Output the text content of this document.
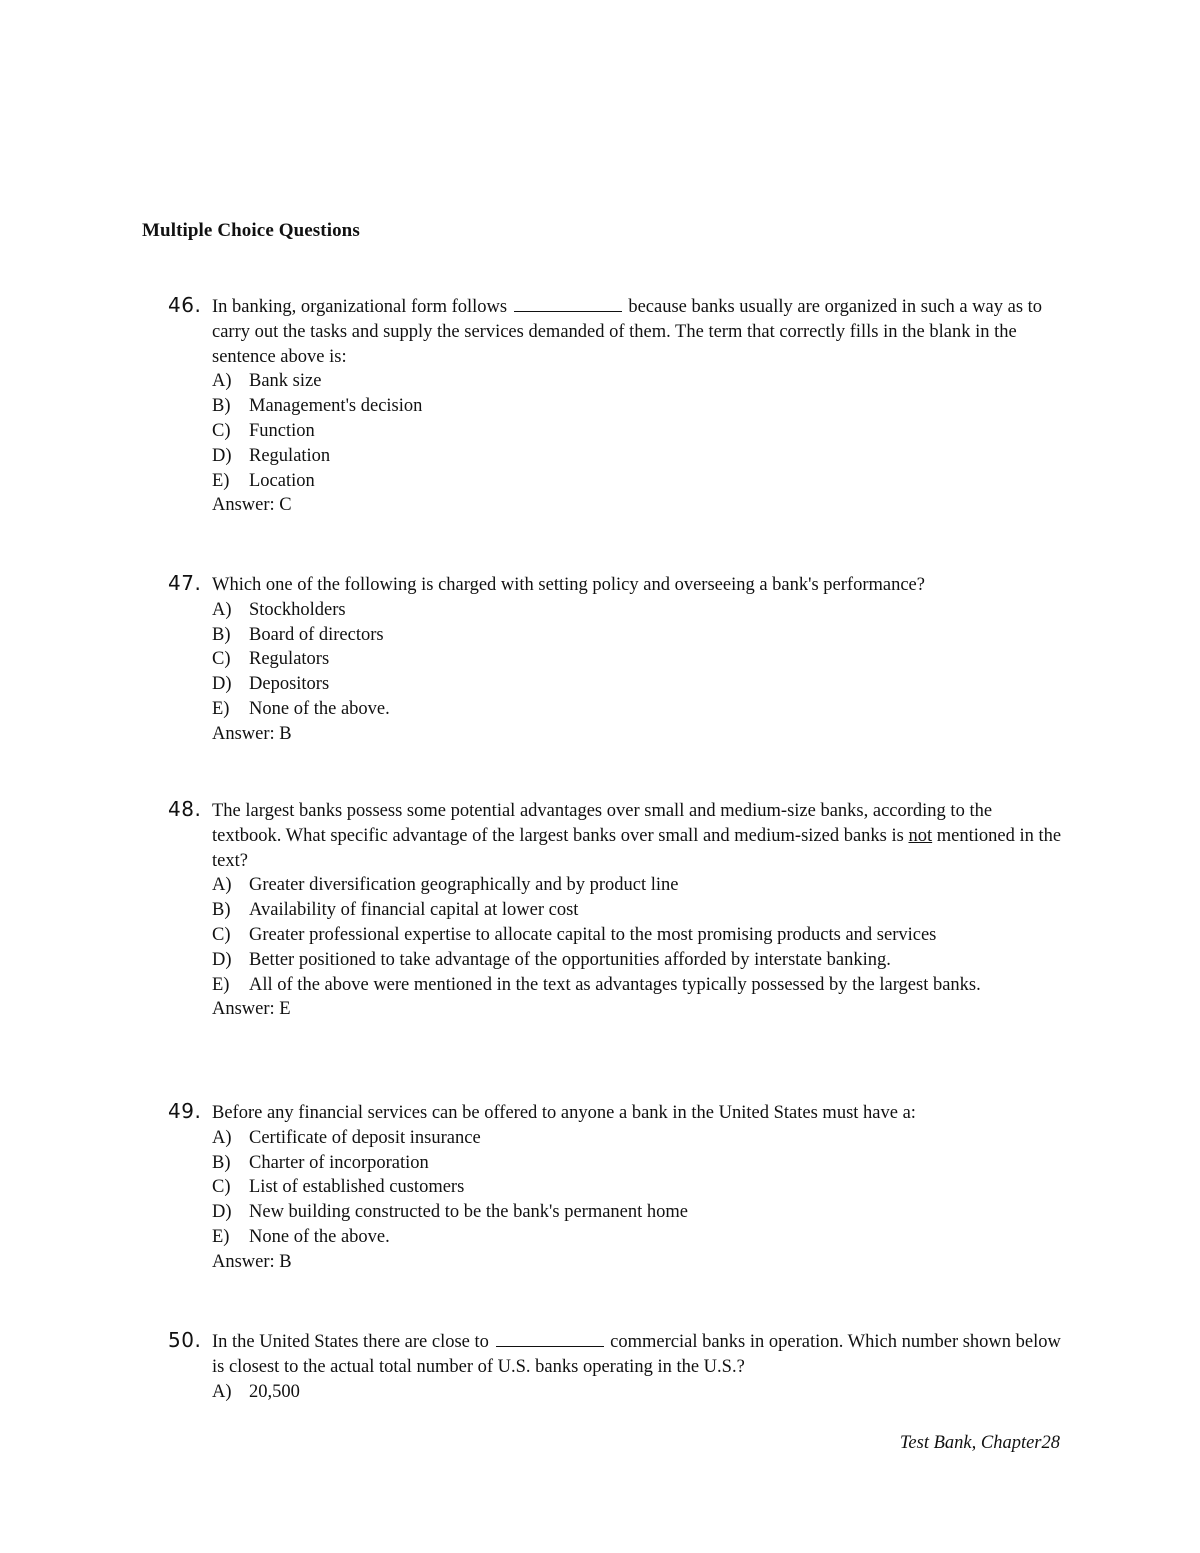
Multiple Choice Questions
46. In banking, organizational form follows	because banks usually are organized in such a way as to carry out the tasks and supply the services demanded of them. The term that correctly fills in the blank in the sentence above is:
A) Bank size
B) Management's decision
C) Function
D) Regulation
E) Location
Answer: C
47. Which one of the following is charged with setting policy and overseeing a bank's performance?
A) Stockholders
B) Board of directors
C) Regulators
D) Depositors
E) None of the above.
Answer: B
48. The largest banks possess some potential advantages over small and medium-size banks, according to the textbook. What specific advantage of the largest banks over small and medium-sized banks is not mentioned in the text?
A) Greater diversification geographically and by product line
B) Availability of financial capital at lower cost
C) Greater professional expertise to allocate capital to the most promising products and services
D) Better positioned to take advantage of the opportunities afforded by interstate banking.
E) All of the above were mentioned in the text as advantages typically possessed by the largest banks.
Answer: E
49. Before any financial services can be offered to anyone a bank in the United States must have a:
A) Certificate of deposit insurance
B) Charter of incorporation
C) List of established customers
D) New building constructed to be the bank's permanent home
E) None of the above.
Answer: B
50. In the United States there are close to	commercial banks in operation. Which number shown below is closest to the actual total number of U.S. banks operating in the U.S.?
A) 20,500
Test Bank, Chapter28
